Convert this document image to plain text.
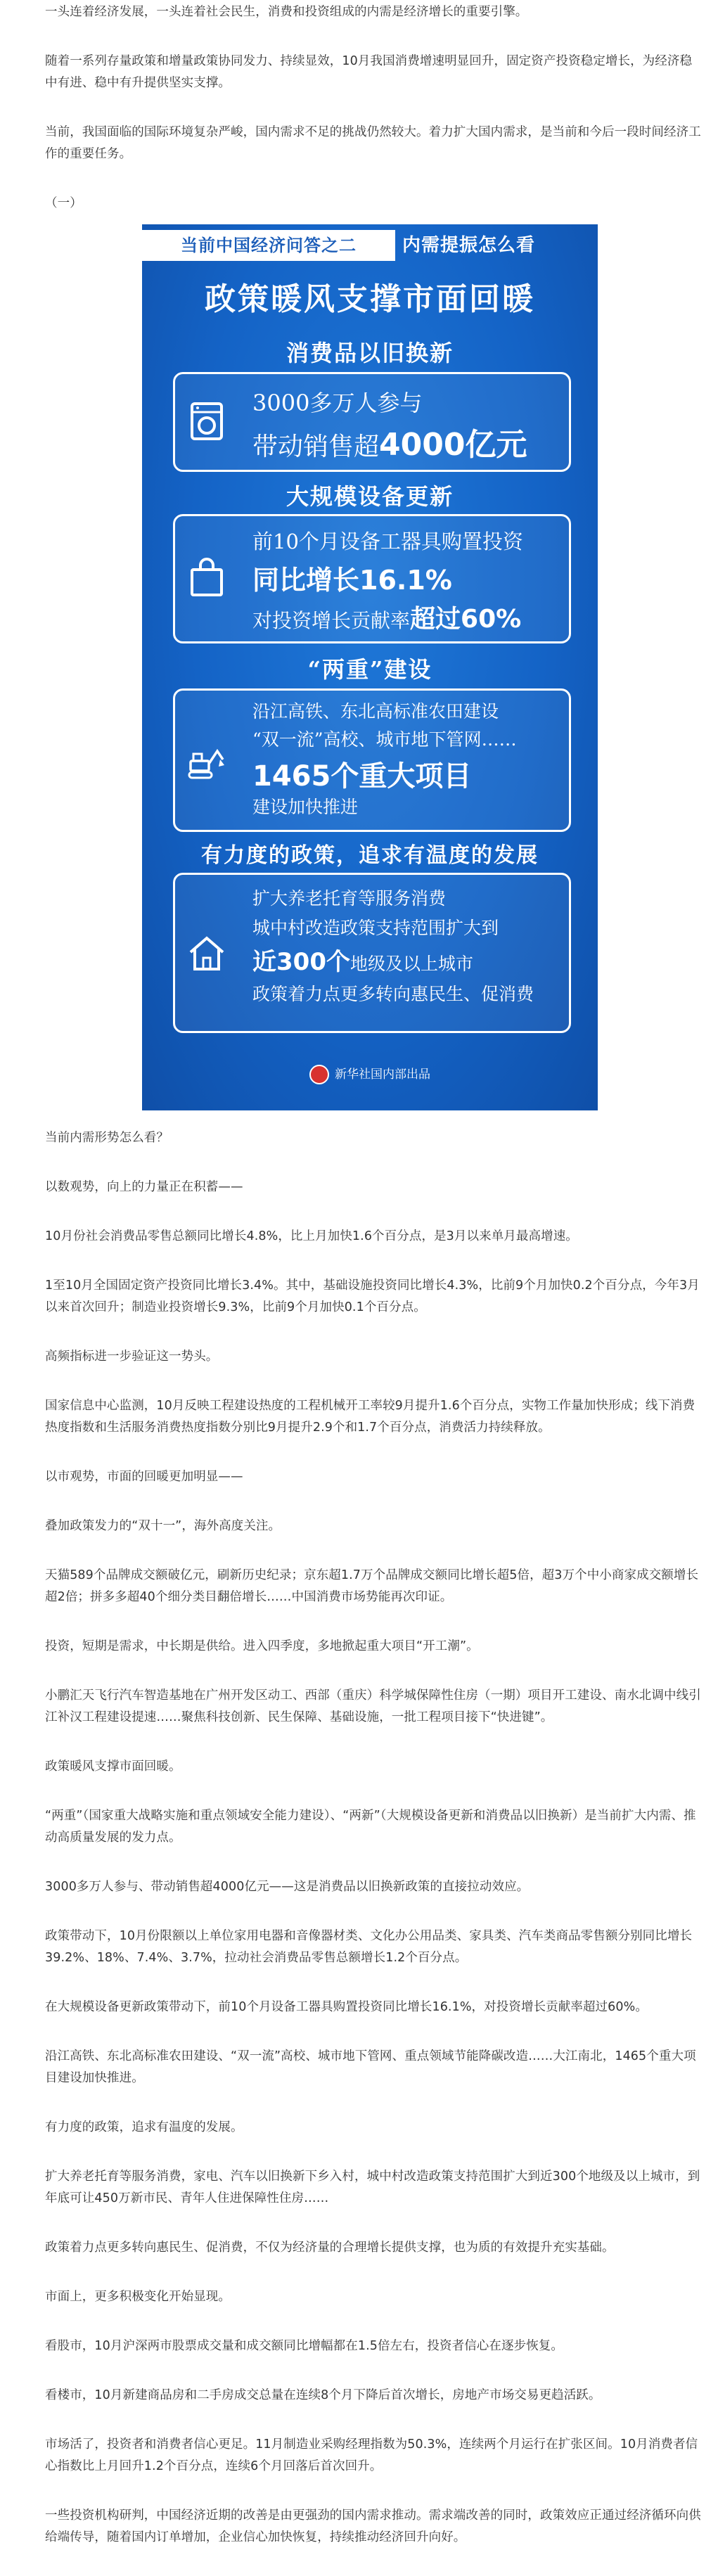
一头连着经济发展，一头连着社会民生，消费和投资组成的内需是经济增长的重要引擎。

随着一系列存量政策和增量政策协同发力、持续显效，10月我国消费增速明显回升，固定资产投资稳定增长，为经济稳中有进、稳中有升提供坚实支撑。

当前，我国面临的国际环境复杂严峻，国内需求不足的挑战仍然较大。着力扩大国内需求，是当前和今后一段时间经济工作的重要任务。

（一）

当前中国经济问答之二	内需提振怎么看
政策暖风支撑市面回暖
消费品以旧换新
3000多万人参与
带动销售超4000亿元
大规模设备更新
前10个月设备工器具购置投资
同比增长16.1%
对投资增长贡献率超过60%
“两重”建设
沿江高铁、东北高标准农田建设
“双一流”高校、城市地下管网……
1465个重大项目
建设加快推进
有力度的政策，追求有温度的发展
扩大养老托育等服务消费
城中村改造政策支持范围扩大到
近300个地级及以上城市
政策着力点更多转向惠民生、促消费
新华社国内部出品

当前内需形势怎么看？

以数观势，向上的力量正在积蓄——

10月份社会消费品零售总额同比增长4.8%，比上月加快1.6个百分点，是3月以来单月最高增速。

1至10月全国固定资产投资同比增长3.4%。其中，基础设施投资同比增长4.3%，比前9个月加快0.2个百分点，今年3月以来首次回升；制造业投资增长9.3%，比前9个月加快0.1个百分点。

高频指标进一步验证这一势头。

国家信息中心监测，10月反映工程建设热度的工程机械开工率较9月提升1.6个百分点，实物工作量加快形成；线下消费热度指数和生活服务消费热度指数分别比9月提升2.9个和1.7个百分点，消费活力持续释放。

以市观势，市面的回暖更加明显——

叠加政策发力的“双十一”，海外高度关注。

天猫589个品牌成交额破亿元，刷新历史纪录；京东超1.7万个品牌成交额同比增长超5倍，超3万个中小商家成交额增长超2倍；拼多多超40个细分类目翻倍增长……中国消费市场势能再次印证。

投资，短期是需求，中长期是供给。进入四季度，多地掀起重大项目“开工潮”。

小鹏汇天飞行汽车智造基地在广州开发区动工、西部（重庆）科学城保障性住房（一期）项目开工建设、南水北调中线引江补汉工程建设提速……聚焦科技创新、民生保障、基础设施，一批工程项目接下“快进键”。

政策暖风支撑市面回暖。

“两重”（国家重大战略实施和重点领域安全能力建设）、“两新”（大规模设备更新和消费品以旧换新）是当前扩大内需、推动高质量发展的发力点。

3000多万人参与、带动销售超4000亿元——这是消费品以旧换新政策的直接拉动效应。

政策带动下，10月份限额以上单位家用电器和音像器材类、文化办公用品类、家具类、汽车类商品零售额分别同比增长39.2%、18%、7.4%、3.7%，拉动社会消费品零售总额增长1.2个百分点。

在大规模设备更新政策带动下，前10个月设备工器具购置投资同比增长16.1%，对投资增长贡献率超过60%。

沿江高铁、东北高标准农田建设、“双一流”高校、城市地下管网、重点领域节能降碳改造……大江南北，1465个重大项目建设加快推进。

有力度的政策，追求有温度的发展。

扩大养老托育等服务消费，家电、汽车以旧换新下乡入村，城中村改造政策支持范围扩大到近300个地级及以上城市，到年底可让450万新市民、青年人住进保障性住房……

政策着力点更多转向惠民生、促消费，不仅为经济量的合理增长提供支撑，也为质的有效提升充实基础。

市面上，更多积极变化开始显现。

看股市，10月沪深两市股票成交量和成交额同比增幅都在1.5倍左右，投资者信心在逐步恢复。

看楼市，10月新建商品房和二手房成交总量在连续8个月下降后首次增长，房地产市场交易更趋活跃。

市场活了，投资者和消费者信心更足。11月制造业采购经理指数为50.3%，连续两个月运行在扩张区间。10月消费者信心指数比上月回升1.2个百分点，连续6个月回落后首次回升。

一些投资机构研判，中国经济近期的改善是由更强劲的国内需求推动。需求端改善的同时，政策效应正通过经济循环向供给端传导，随着国内订单增加，企业信心加快恢复，持续推动经济回升向好。
